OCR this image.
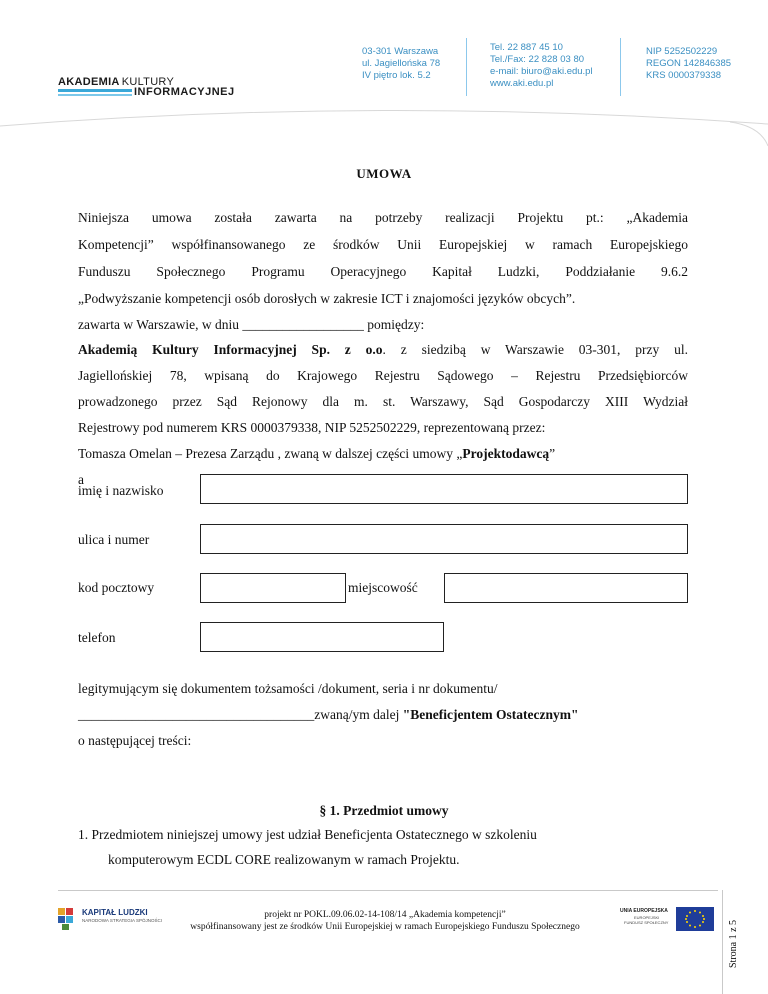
AKADEMIA KULTURY
INFORMACYJNEJ
03-301 Warszawa
ul. Jagiellońska 78
IV piętro lok. 5.2
Tel. 22 887 45 10
Tel./Fax: 22 828 03 80
e-mail: biuro@aki.edu.pl
www.aki.edu.pl
NIP 5252502229
REGON 142846385
KRS 0000379338
UMOWA
Niniejsza umowa została zawarta na potrzeby realizacji Projektu pt.: „Akademia
Kompetencji” współfinansowanego ze środków Unii Europejskiej w ramach Europejskiego
Funduszu Społecznego Programu Operacyjnego Kapitał Ludzki, Poddziałanie 9.6.2
„Podwyższanie kompetencji osób dorosłych w zakresie ICT i znajomości języków obcych”.
zawarta w Warszawie, w dniu __________________ pomiędzy:
Akademią Kultury Informacyjnej Sp. z o.o. z siedzibą w Warszawie 03-301, przy ul.
Jagiellońskiej 78, wpisaną do Krajowego Rejestru Sądowego – Rejestru Przedsiębiorców
prowadzonego przez Sąd Rejonowy dla m. st. Warszawy, Sąd Gospodarczy XIII Wydział
Rejestrowy pod numerem KRS 0000379338, NIP 5252502229, reprezentowaną przez:
Tomasza Omelan – Prezesa Zarządu , zwaną w dalszej części umowy „Projektodawcą”
a
imię i nazwisko
ulica i numer
kod pocztowy	miejscowość
telefon
legitymującym się dokumentem tożsamości /dokument, seria i nr dokumentu/
___________________________________zwaną/ym dalej "Beneficjentem Ostatecznym"
o następującej treści:
§ 1. Przedmiot umowy
1. Przedmiotem niniejszej umowy jest udział Beneficjenta Ostatecznego w szkoleniu
komputerowym ECDL CORE realizowanym w ramach Projektu.
KAPITAŁ LUDZKI
NARODOWA STRATEGIA SPÓJNOŚCI
projekt nr POKL.09.06.02-14-108/14 „Akademia kompetencji”
współfinansowany jest ze środków Unii Europejskiej w ramach Europejskiego Funduszu Społecznego
UNIA EUROPEJSKA
EUROPEJSKI
FUNDUSZ SPOŁECZNY	Strona 1 z 5
